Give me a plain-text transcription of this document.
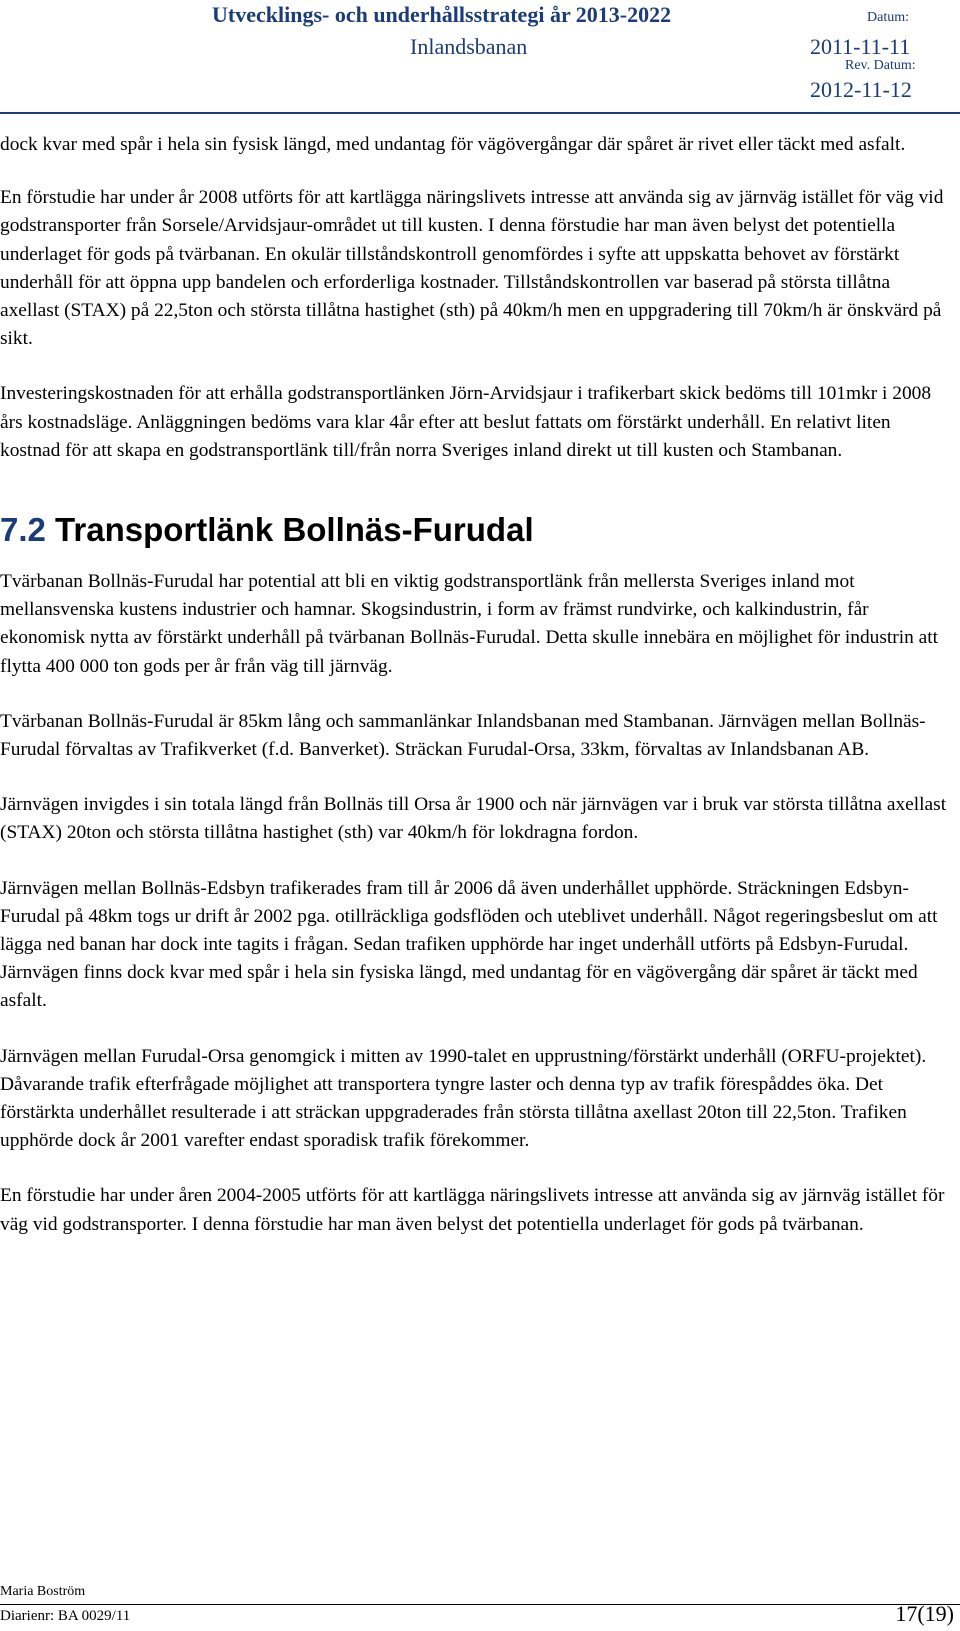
Utvecklings- och underhållsstrategi år 2013-2022
Inlandsbanan
Datum:
2011-11-11
Rev. Datum:
2012-11-12

dock kvar med spår i hela sin fysisk längd, med undantag för vägövergångar där spåret är rivet eller täckt med asfalt.

En förstudie har under år 2008 utförts för att kartlägga näringslivets intresse att använda sig av järnväg istället för väg vid godstransporter från Sorsele/Arvidsjaur-området ut till kusten. I denna förstudie har man även belyst det potentiella underlaget för gods på tvärbanan. En okulär tillståndskontroll genomfördes i syfte att uppskatta behovet av förstärkt underhåll för att öppna upp bandelen och erforderliga kostnader. Tillståndskontrollen var baserad på största tillåtna axellast (STAX) på 22,5ton och största tillåtna hastighet (sth) på 40km/h men en uppgradering till 70km/h är önskvärd på sikt.

Investeringskostnaden för att erhålla godstransportlänken Jörn-Arvidsjaur i trafikerbart skick bedöms till 101mkr i 2008 års kostnadsläge. Anläggningen bedöms vara klar 4år efter att beslut fattats om förstärkt underhåll. En relativt liten kostnad för att skapa en godstransportlänk till/från norra Sveriges inland direkt ut till kusten och Stambanan.

7.2 Transportlänk Bollnäs-Furudal

Tvärbanan Bollnäs-Furudal har potential att bli en viktig godstransportlänk från mellersta Sveriges inland mot mellansvenska kustens industrier och hamnar. Skogsindustrin, i form av främst rundvirke, och kalkindustrin, får ekonomisk nytta av förstärkt underhåll på tvärbanan Bollnäs-Furudal. Detta skulle innebära en möjlighet för industrin att flytta 400 000 ton gods per år från väg till järnväg.

Tvärbanan Bollnäs-Furudal är 85km lång och sammanlänkar Inlandsbanan med Stambanan. Järnvägen mellan Bollnäs-Furudal förvaltas av Trafikverket (f.d. Banverket). Sträckan Furudal-Orsa, 33km, förvaltas av Inlandsbanan AB.

Järnvägen invigdes i sin totala längd från Bollnäs till Orsa år 1900 och när järnvägen var i bruk var största tillåtna axellast (STAX) 20ton och största tillåtna hastighet (sth) var 40km/h för lokdragna fordon.

Järnvägen mellan Bollnäs-Edsbyn trafikerades fram till år 2006 då även underhållet upphörde. Sträckningen Edsbyn-Furudal på 48km togs ur drift år 2002 pga. otillräckliga godsflöden och uteblivet underhåll. Något regeringsbeslut om att lägga ned banan har dock inte tagits i frågan. Sedan trafiken upphörde har inget underhåll utförts på Edsbyn-Furudal. Järnvägen finns dock kvar med spår i hela sin fysiska längd, med undantag för en vägövergång där spåret är täckt med asfalt.

Järnvägen mellan Furudal-Orsa genomgick i mitten av 1990-talet en upprustning/förstärkt underhåll (ORFU-projektet). Dåvarande trafik efterfrågade möjlighet att transportera tyngre laster och denna typ av trafik förespåddes öka. Det förstärkta underhållet resulterade i att sträckan uppgraderades från största tillåtna axellast 20ton till 22,5ton. Trafiken upphörde dock år 2001 varefter endast sporadisk trafik förekommer.

En förstudie har under åren 2004-2005 utförts för att kartlägga näringslivets intresse att använda sig av järnväg istället för väg vid godstransporter. I denna förstudie har man även belyst det potentiella underlaget för gods på tvärbanan.

Maria Boström
Diarienr: BA 0029/11	17(19)
